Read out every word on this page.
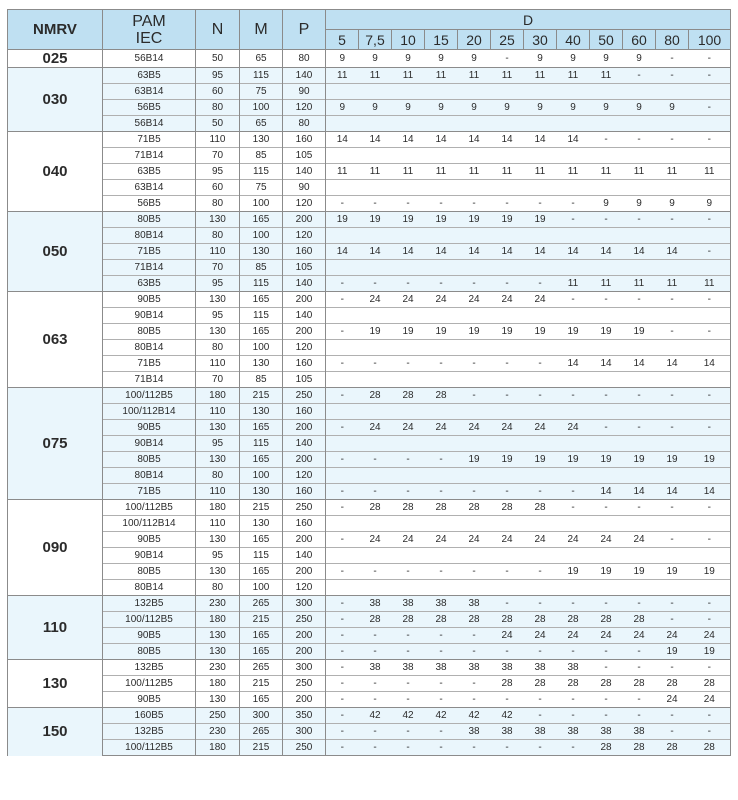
NMRV	PAM
IEC	N	M	P	D											
					5	7,5	10	15	20	25	30	40	50	60	80	100
025	56B14	50	65	80	9	9	9	9	9	-	9	9	9	9	-	-
030	63B5	95	115	140	11	11	11	11	11	11	11	11	11	-	-	-
	63B14	60	75	90												
	56B5	80	100	120	9	9	9	9	9	9	9	9	9	9	9	-
	56B14	50	65	80												
040	71B5	110	130	160	14	14	14	14	14	14	14	14	-	-	-	-
	71B14	70	85	105												
	63B5	95	115	140	11	11	11	11	11	11	11	11	11	11	11	11
	63B14	60	75	90												
	56B5	80	100	120	-	-	-	-	-	-	-	-	9	9	9	9
050	80B5	130	165	200	19	19	19	19	19	19	19	-	-	-	-	-
	80B14	80	100	120												
	71B5	110	130	160	14	14	14	14	14	14	14	14	14	14	14	-
	71B14	70	85	105												
	63B5	95	115	140	-	-	-	-	-	-	-	11	11	11	11	11
063	90B5	130	165	200	-	24	24	24	24	24	24	-	-	-	-	-
	90B14	95	115	140												
	80B5	130	165	200	-	19	19	19	19	19	19	19	19	19	-	-
	80B14	80	100	120												
	71B5	110	130	160	-	-	-	-	-	-	-	14	14	14	14	14
	71B14	70	85	105												
075	100/112B5	180	215	250	-	28	28	28	-	-	-	-	-	-	-	-
	100/112B14	110	130	160												
	90B5	130	165	200	-	24	24	24	24	24	24	24	-	-	-	-
	90B14	95	115	140												
	80B5	130	165	200	-	-	-	-	19	19	19	19	19	19	19	19
	80B14	80	100	120												
	71B5	110	130	160	-	-	-	-	-	-	-	-	14	14	14	14
090	100/112B5	180	215	250	-	28	28	28	28	28	28	-	-	-	-	-
	100/112B14	110	130	160												
	90B5	130	165	200	-	24	24	24	24	24	24	24	24	24	-	-
	90B14	95	115	140												
	80B5	130	165	200	-	-	-	-	-	-	-	19	19	19	19	19
	80B14	80	100	120												
110	132B5	230	265	300	-	38	38	38	38	-	-	-	-	-	-	-
	100/112B5	180	215	250	-	28	28	28	28	28	28	28	28	28	-	-
	90B5	130	165	200	-	-	-	-	-	24	24	24	24	24	24	24
	80B5	130	165	200	-	-	-	-	-	-	-	-	-	-	19	19
130	132B5	230	265	300	-	38	38	38	38	38	38	38	-	-	-	-
	100/112B5	180	215	250	-	-	-	-	-	28	28	28	28	28	28	28
	90B5	130	165	200	-	-	-	-	-	-	-	-	-	-	24	24
150	160B5	250	300	350	-	42	42	42	42	42	-	-	-	-	-	-
	132B5	230	265	300	-	-	-	-	38	38	38	38	38	38	-	-
	100/112B5	180	215	250	-	-	-	-	-	-	-	-	28	28	28	28
